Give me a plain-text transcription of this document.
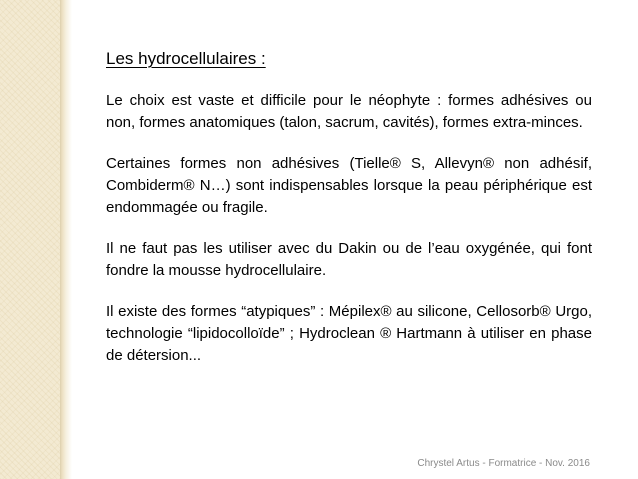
Les hydrocellulaires :

Le choix est vaste et difficile pour le néophyte : formes adhésives ou non, formes anatomiques (talon, sacrum, cavités), formes extra-minces.

Certaines formes non adhésives (Tielle® S, Allevyn® non adhésif, Combiderm® N…) sont indispensables lorsque la peau périphérique est endommagée ou fragile.

Il ne faut pas les utiliser avec du Dakin ou de l’eau oxygénée, qui font fondre la mousse hydrocellulaire.

Il existe des formes “atypiques” : Mépilex® au silicone, Cellosorb® Urgo, technologie “lipidocolloïde” ; Hydroclean ® Hartmann à utiliser en phase de détersion...

Chrystel Artus - Formatrice - Nov. 2016
